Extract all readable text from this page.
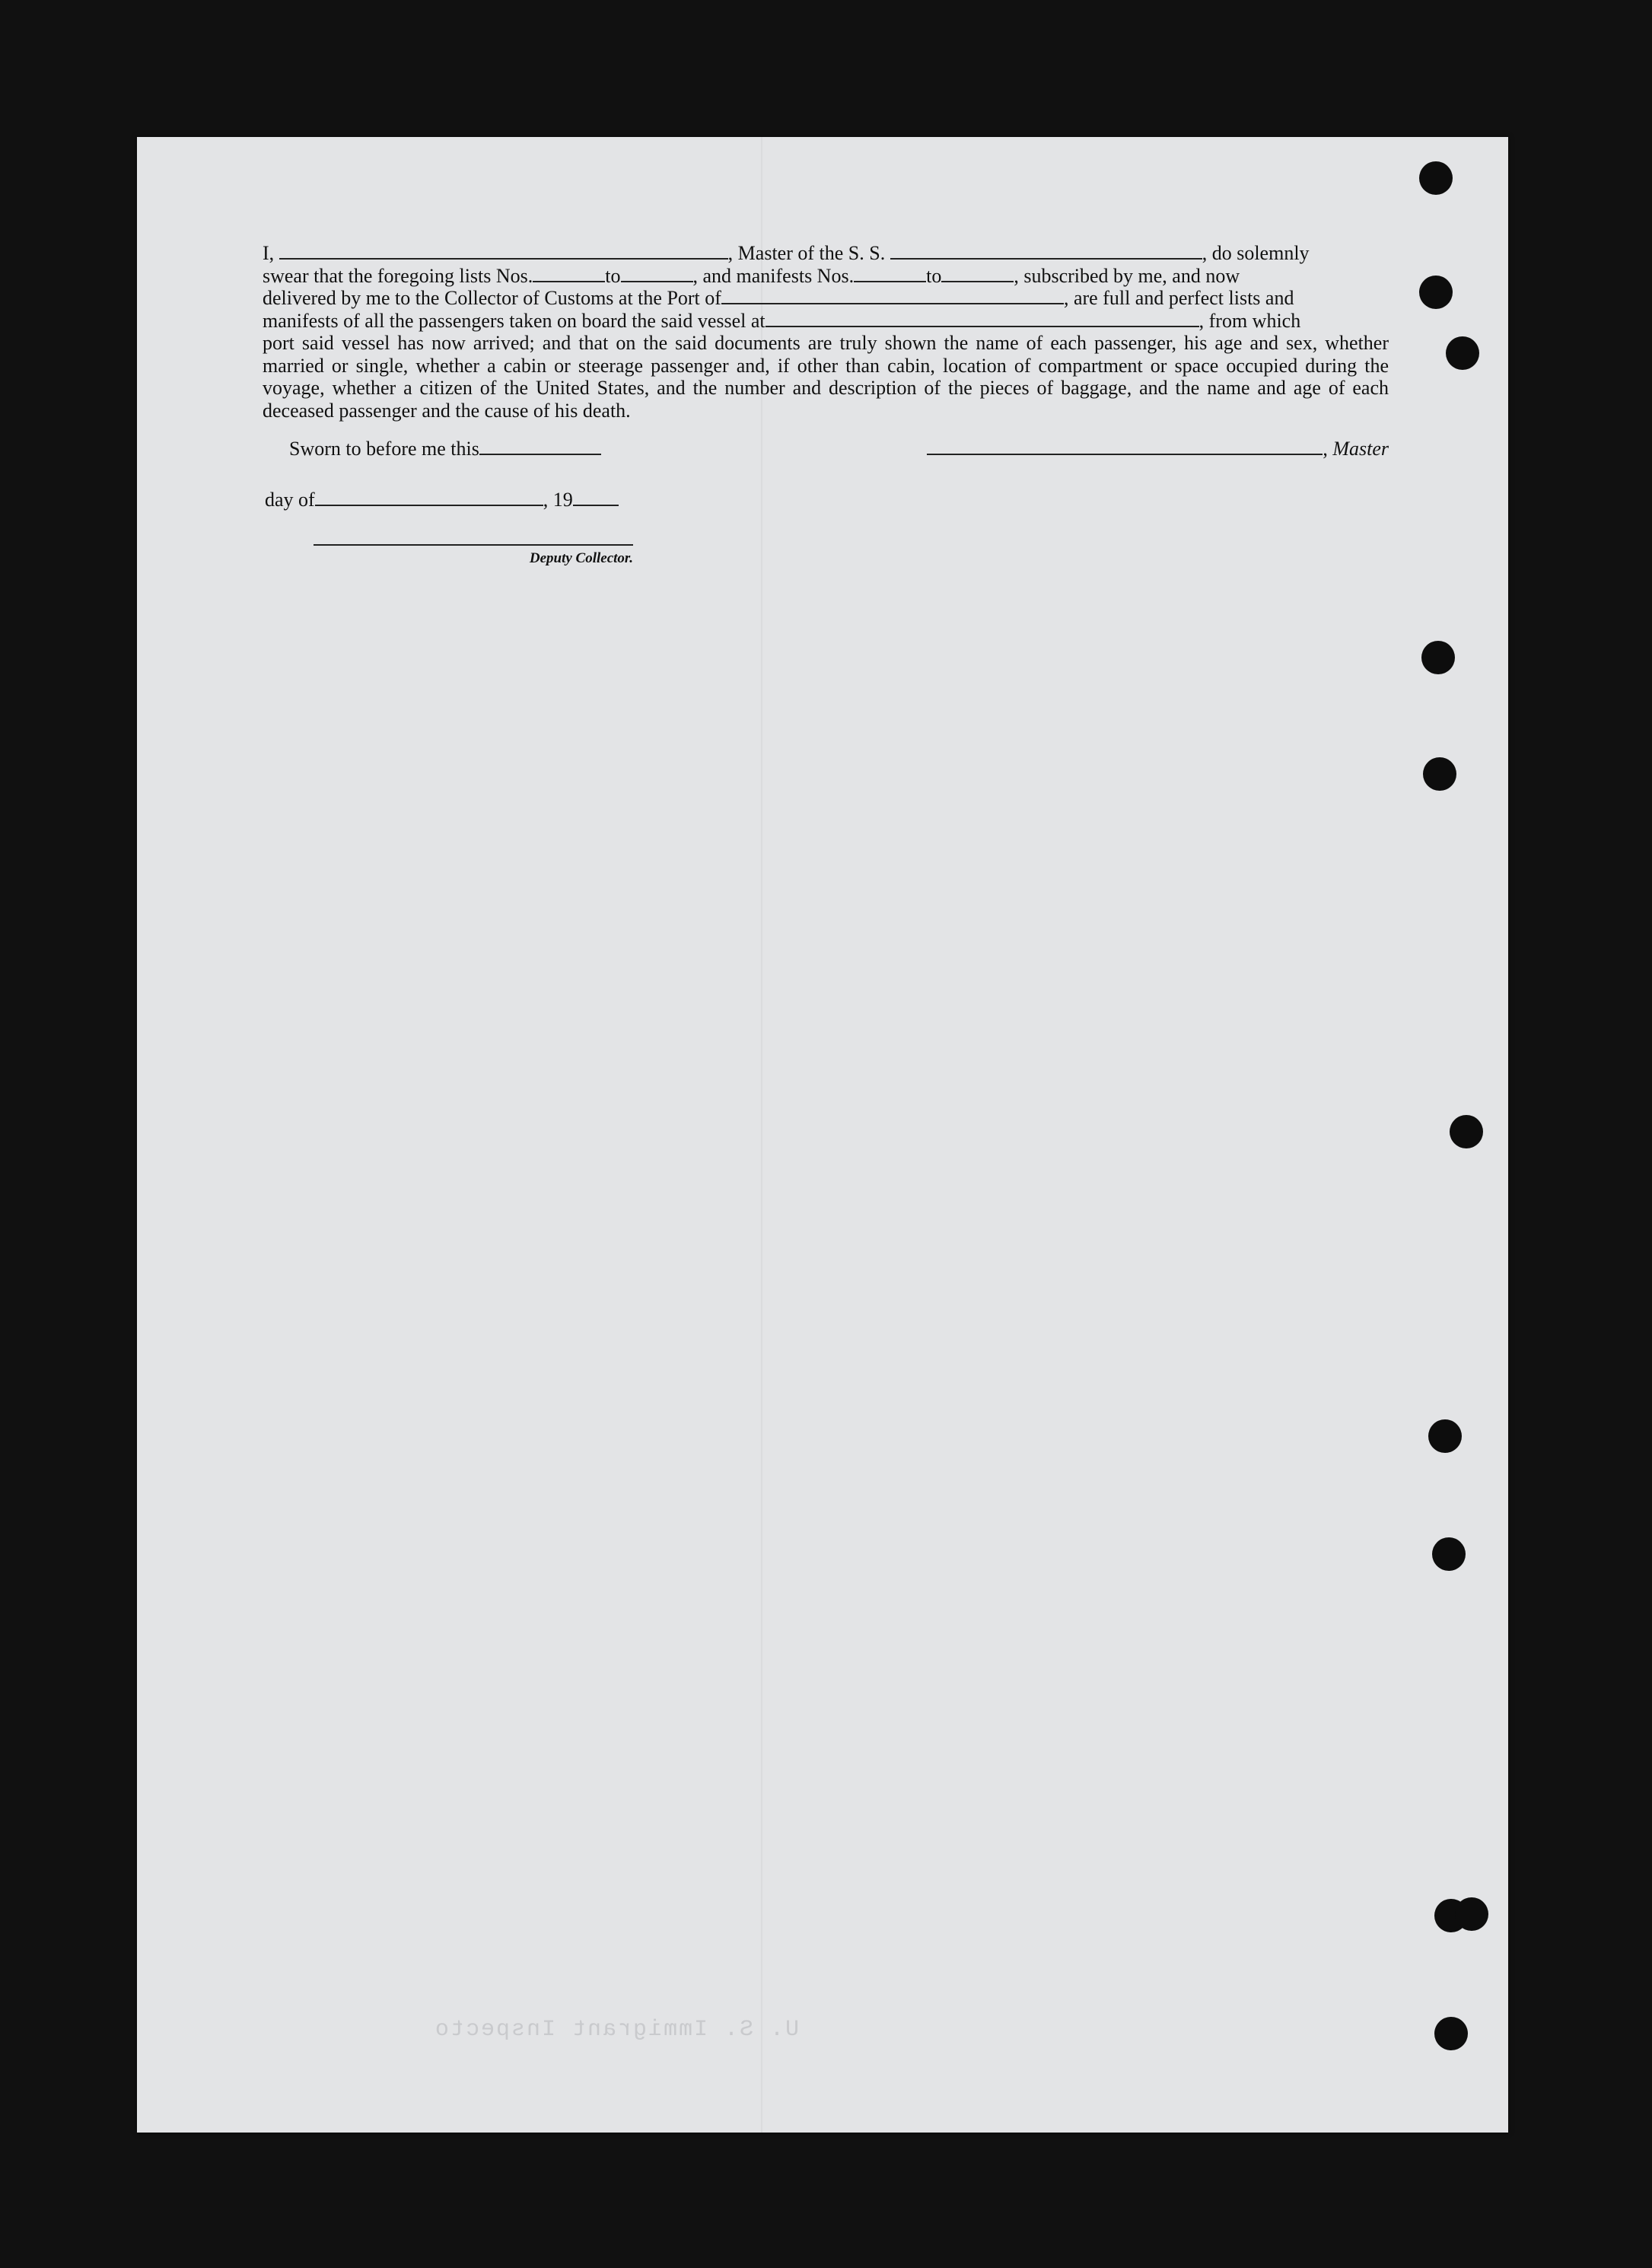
I,	, Master of the S. S.	, do solemnly

swear that the foregoing lists Nos.	to	, and manifests Nos.	to	, subscribed by me, and now

delivered by me to the Collector of Customs at the Port of	, are full and perfect lists and

manifests of all the passengers taken on board the said vessel at	, from which

port said vessel has now arrived; and that on the said documents are truly shown the name of each passenger, his age and sex, whether married or single, whether a cabin or steerage passenger and, if other than cabin, location of compartment or space occupied during the voyage, whether a citizen of the United States, and the number and description of the pieces of baggage, and the name and age of each deceased passenger and the cause of his death.

Sworn to before me this	, Master
day of	, 19
Deputy Collector.
U. S. Immigrant Inspecto
